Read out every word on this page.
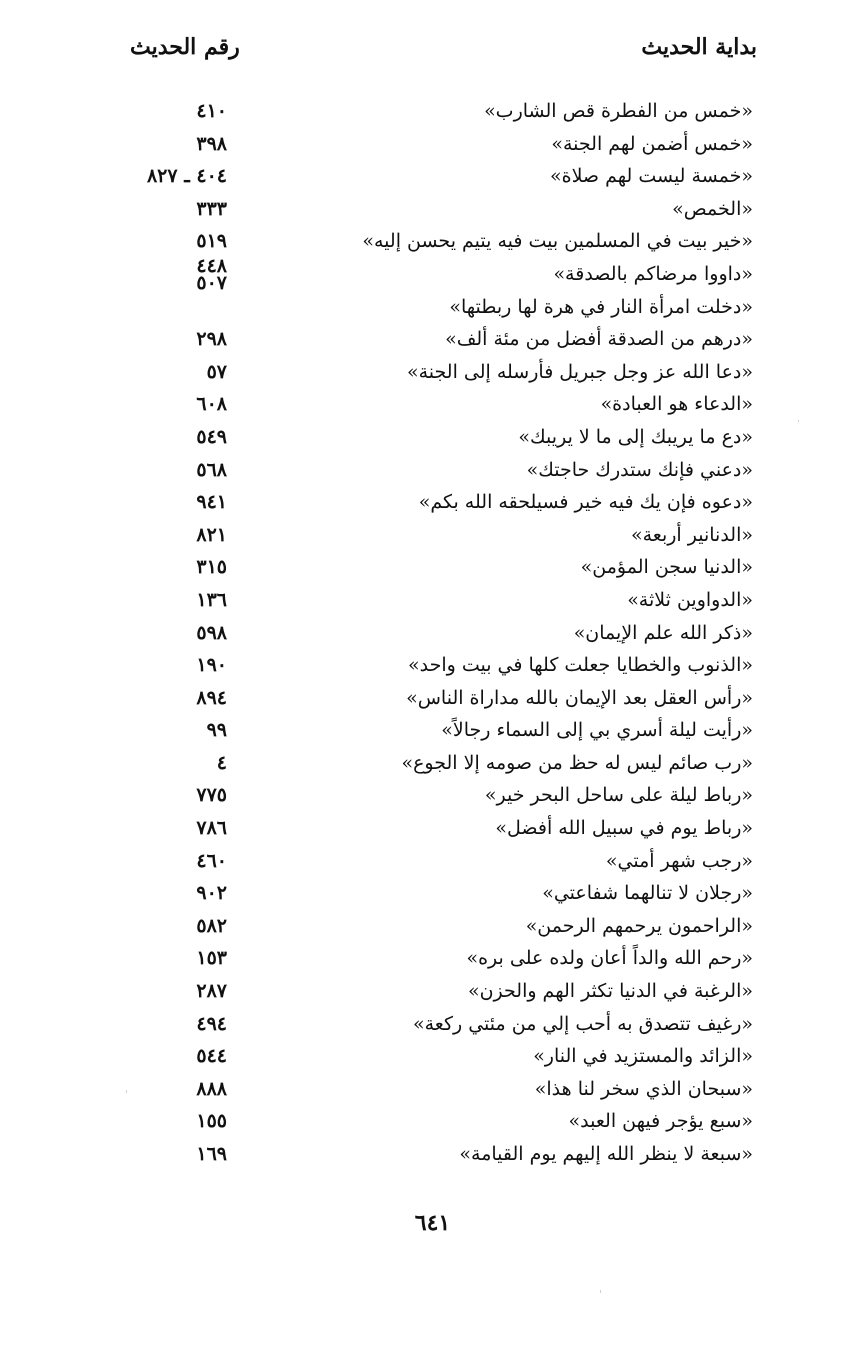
بداية الحديث
رقم الحديث
«خمس من الفطرة قص الشارب»
٤١٠
«خمس أضمن لهم الجنة»
٣٩٨
«خمسة ليست لهم صلاة»
٤٠٤ ـ ٨٢٧
«الخمص»
٣٣٣
«خير بيت في المسلمين بيت فيه يتيم يحسن إليه»
٥١٩
«داووا مرضاكم بالصدقة»
٤٤٨
٥٠٧
«دخلت امرأة النار في هرة لها ربطتها»
«درهم من الصدقة أفضل من مئة ألف»
٢٩٨
«دعا الله عز وجل جبريل فأرسله إلى الجنة»
٥٧
«الدعاء هو العبادة»
٦٠٨
«دع ما يريبك إلى ما لا يريبك»
٥٤٩
«دعني فإنك ستدرك حاجتك»
٥٦٨
«دعوه فإن يك فيه خير فسيلحقه الله بكم»
٩٤١
«الدنانير أربعة»
٨٢١
«الدنيا سجن المؤمن»
٣١٥
«الدواوين ثلاثة»
١٣٦
«ذكر الله علم الإيمان»
٥٩٨
«الذنوب والخطايا جعلت كلها في بيت واحد»
١٩٠
«رأس العقل بعد الإيمان بالله مداراة الناس»
٨٩٤
«رأيت ليلة أسري بي إلى السماء رجالاً»
٩٩
«رب صائم ليس له حظ من صومه إلا الجوع»
٤
«رباط ليلة على ساحل البحر خير»
٧٧٥
«رباط يوم في سبيل الله أفضل»
٧٨٦
«رجب شهر أمتي»
٤٦٠
«رجلان لا تنالهما شفاعتي»
٩٠٢
«الراحمون يرحمهم الرحمن»
٥٨٢
«رحم الله والداً أعان ولده على بره»
١٥٣
«الرغبة في الدنيا تكثر الهم والحزن»
٢٨٧
«رغيف تتصدق به أحب إلي من مئتي ركعة»
٤٩٤
«الزائد والمستزيد في النار»
٥٤٤
«سبحان الذي سخر لنا هذا»
٨٨٨
«سبع يؤجر فيهن العبد»
١٥٥
«سبعة لا ينظر الله إليهم يوم القيامة»
١٦٩
٦٤١
